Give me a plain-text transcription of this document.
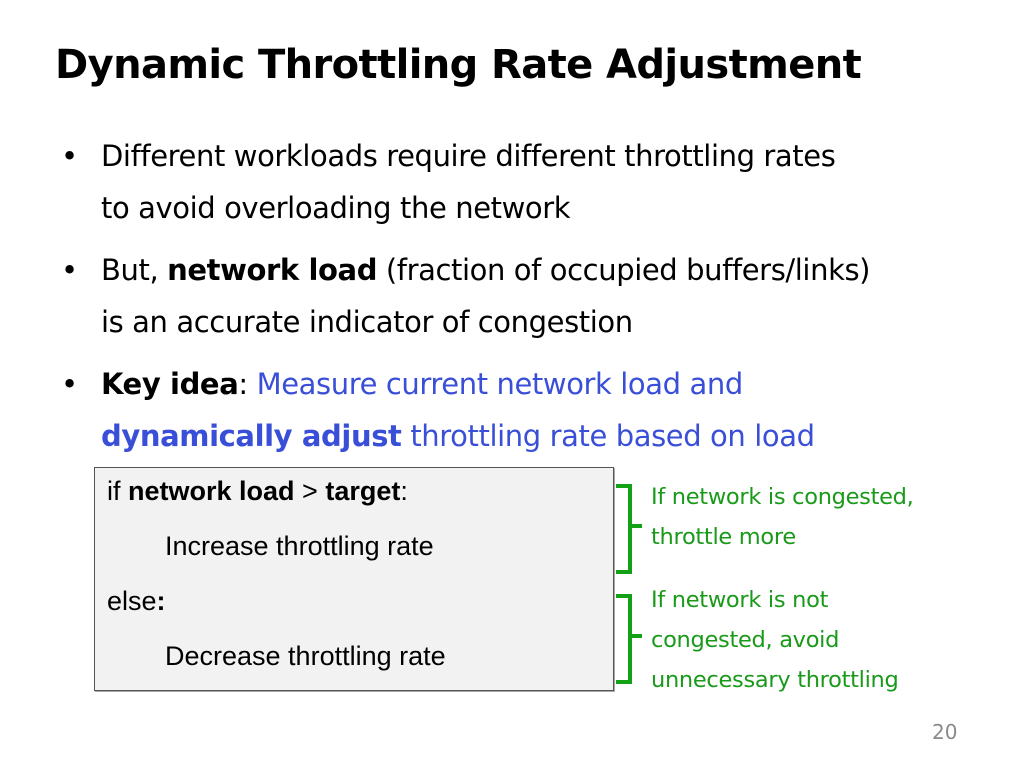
Dynamic Throttling Rate Adjustment
• Different workloads require different throttling rates
to avoid overloading the network
• But, network load (fraction of occupied buffers/links)
is an accurate indicator of congestion
• Key idea: Measure current network load and
dynamically adjust throttling rate based on load
if network load > target:
Increase throttling rate
else:
Decrease throttling rate
If network is congested,
throttle more
If network is not
congested, avoid
unnecessary throttling
20
